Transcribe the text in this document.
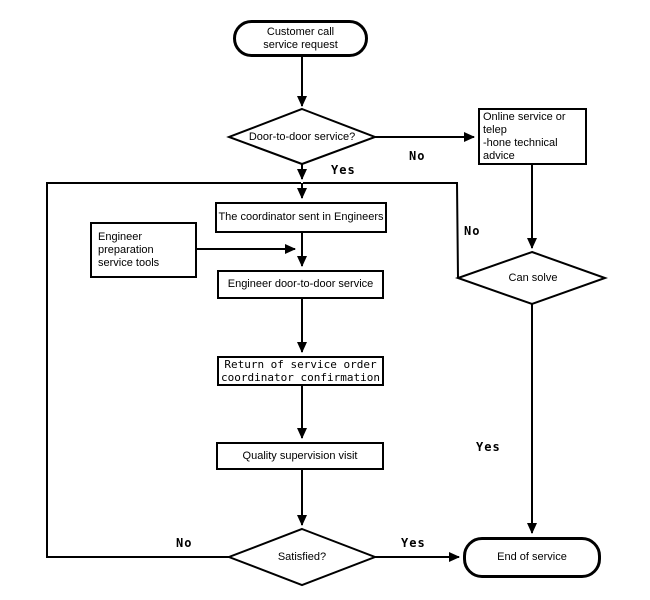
Customer call
service request
Online service or telep
-hone technical advice
The coordinator sent in Engineers
Engineer preparation
service tools
Engineer door-to-door service
Return of service order
coordinator confirmation
Quality supervision visit
End of service
Door-to-door service?
Can solve
Satisfied?
Yes
No
No
Yes
No	Yes
